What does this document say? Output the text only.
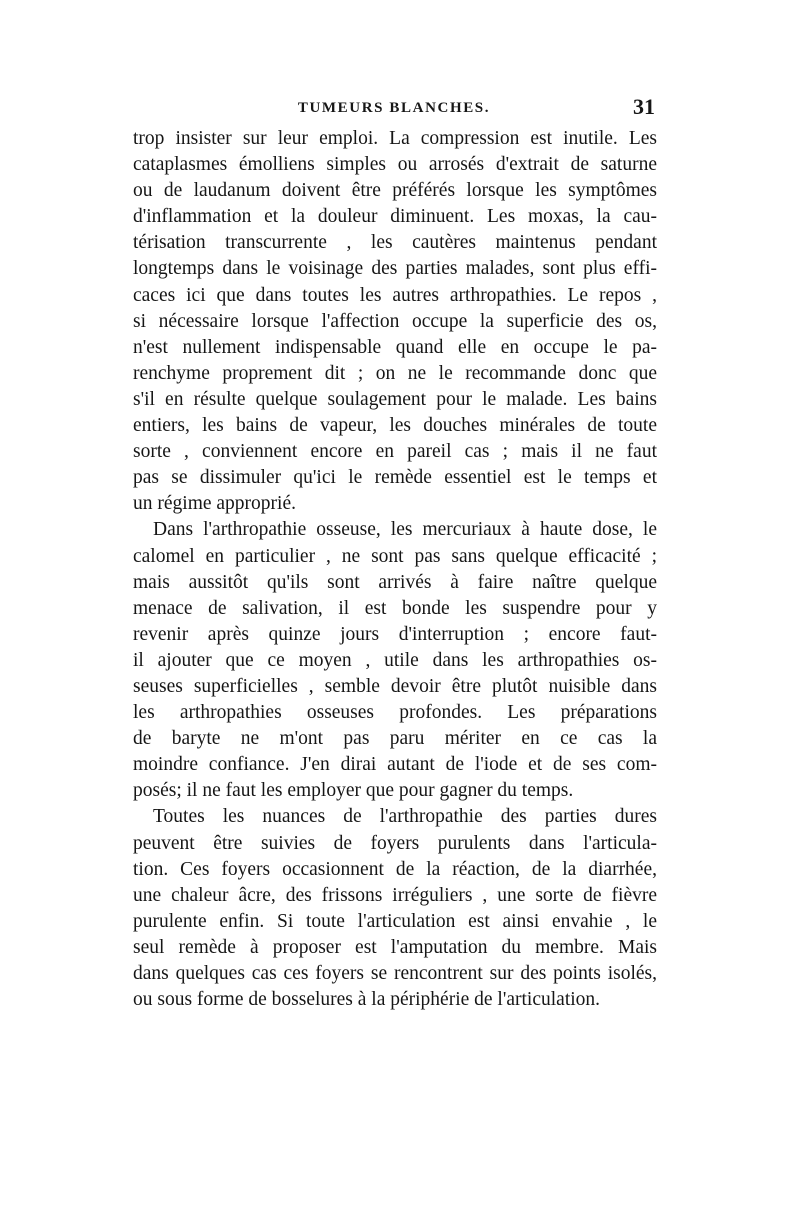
TUMEURS BLANCHES.	31
trop insister sur leur emploi. La compression est inutile. Les
cataplasmes émolliens simples ou arrosés d'extrait de saturne
ou de laudanum doivent être préférés lorsque les symptômes
d'inflammation et la douleur diminuent. Les moxas, la cau-
térisation transcurrente , les cautères maintenus pendant
longtemps dans le voisinage des parties malades, sont plus effi-
caces ici que dans toutes les autres arthropathies. Le repos ,
si nécessaire lorsque l'affection occupe la superficie des os,
n'est nullement indispensable quand elle en occupe le pa-
renchyme proprement dit ; on ne le recommande donc que
s'il en résulte quelque soulagement pour le malade. Les bains
entiers, les bains de vapeur, les douches minérales de toute
sorte , conviennent encore en pareil cas ; mais il ne faut
pas se dissimuler qu'ici le remède essentiel est le temps et
un régime approprié.
Dans l'arthropathie osseuse, les mercuriaux à haute dose, le
calomel en particulier , ne sont pas sans quelque efficacité ;
mais aussitôt qu'ils sont arrivés à faire naître quelque
menace de salivation, il est bonde les suspendre pour y
revenir après quinze jours d'interruption ; encore faut-
il ajouter que ce moyen , utile dans les arthropathies os-
seuses superficielles , semble devoir être plutôt nuisible dans
les arthropathies osseuses profondes. Les préparations
de baryte ne m'ont pas paru mériter en ce cas la
moindre confiance. J'en dirai autant de l'iode et de ses com-
posés; il ne faut les employer que pour gagner du temps.
Toutes les nuances de l'arthropathie des parties dures
peuvent être suivies de foyers purulents dans l'articula-
tion. Ces foyers occasionnent de la réaction, de la diarrhée,
une chaleur âcre, des frissons irréguliers , une sorte de fièvre
purulente enfin. Si toute l'articulation est ainsi envahie , le
seul remède à proposer est l'amputation du membre. Mais
dans quelques cas ces foyers se rencontrent sur des points isolés,
ou sous forme de bosselures à la périphérie de l'articulation.
